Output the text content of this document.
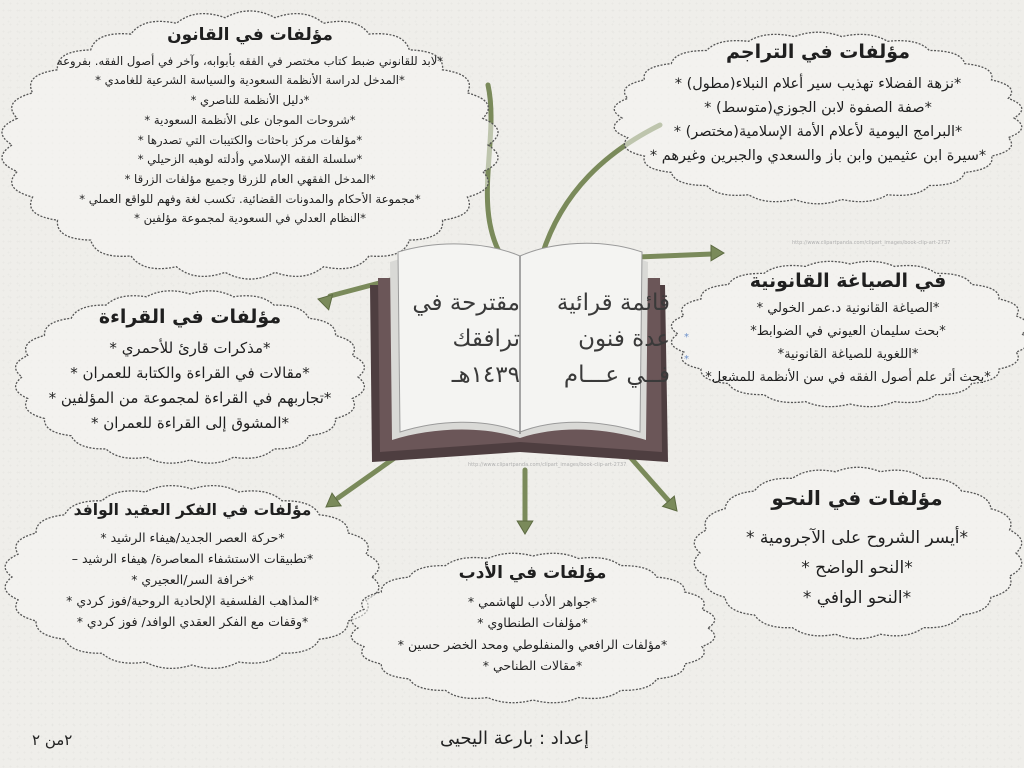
قائمة قرائية
عدة فنون
فــي عـــام
مقترحة في
ترافقك
١٤٣٩هـ
http://www.clipartpanda.com/clipart_images/book-clip-art-2737
http://www.clipartpanda.com/clipart_images/book-clip-art-2737
مؤلفات في القانون
*لابد للقانوني ضبط كتاب مختصر في الفقه بأبوابه، وآخر في أصول الفقه. بفروعه
*المدخل لدراسة الأنظمة السعودية والسياسة الشرعية للغامدي *
*دليل الأنظمة للناصري *
*شروحات الموجان على الأنظمة السعودية *
*مؤلفات مركز باحثات والكتيبات التي تصدرها *
*سلسلة الفقه الإسلامي وأدلته لوهبه الزحيلي *
*المدخل الفقهي العام للزرقا وجميع مؤلفات الزرقا *
*مجموعة الأحكام والمدونات القضائية. تكسب لغة وفهم للواقع العملي *
*النظام العدلي في السعودية لمجموعة مؤلفين *
مؤلفات في التراجم
*نزهة الفضلاء تهذيب سير أعلام النبلاء(مطول) *
*صفة الصفوة لابن الجوزي(متوسط) *
*البرامج اليومية لأعلام الأمة الإسلامية(مختصر) *
*سيرة ابن عثيمين وابن باز والسعدي والجبرين وغيرهم *
مؤلفات في القراءة
*مذكرات قارئ للأحمري *
*مقالات في القراءة والكتابة للعمران *
*تجاربهم في القراءة لمجموعة من المؤلفين *
*المشوق إلى القراءة للعمران *
في الصياغة القانونية
*الصياغة القانونية د.عمر الخولي *
*بحث سليمان العيوني في الضوابط*
*اللغوية للصياغة القانونية*
*بحث أثر علم أصول الفقه في سن الأنظمة للمشعل*
*
*
مؤلفات في الفكر العقيد الوافد
*حركة العصر الجديد/هيفاء الرشيد *
*تطبيقات الاستشفاء المعاصرة/ هيفاء الرشيد –
*خرافة السر/العجيري *
*المذاهب الفلسفية الإلحادية الروحية/فوز كردي *
*وقفات مع الفكر العقدي الوافد/ فوز كردي *
مؤلفات في الأدب
*جواهر الأدب للهاشمي *
*مؤلفات الطنطاوي *
*مؤلفات الرافعي والمنفلوطي ومحد الخضر حسين *
*مقالات الطناحي *
مؤلفات في النحو
*أيسر الشروح على الآجرومية *
*النحو الواضح *
*النحو الوافي *
إعداد : بارعة اليحيى
٢من ٢
